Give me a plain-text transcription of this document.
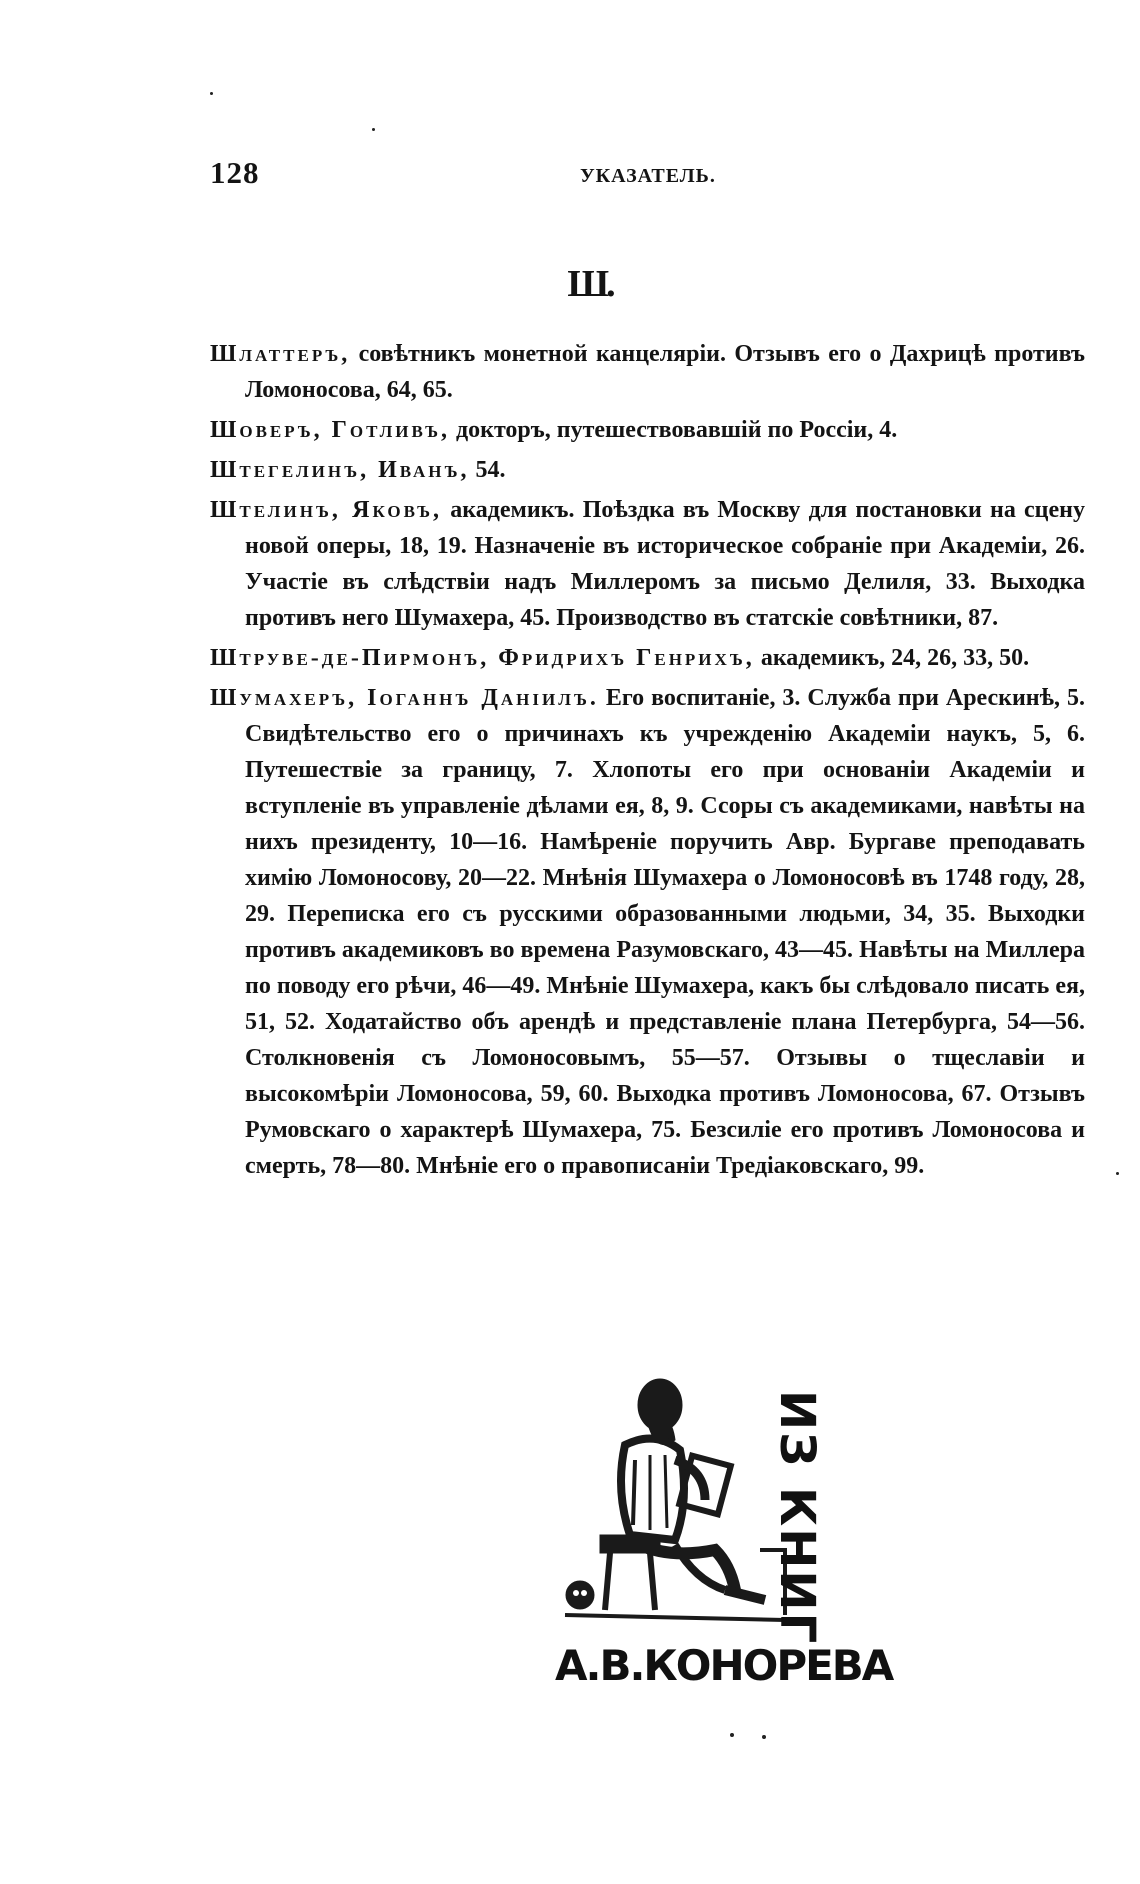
128	УКАЗАТЕЛЬ.
Ш.

Шлаттеръ, совѣтникъ монетной канцеляріи. Отзывъ его о Дахрицѣ противъ Ломоносова, 64, 65.

Шоверъ, Готливъ, докторъ, путешествовавшій по Россіи, 4.

Штегелинъ, Иванъ, 54.

Штелинъ, Яковъ, академикъ. Поѣздка въ Москву для постановки на сцену новой оперы, 18, 19. Назначеніе въ историческое собраніе при Академіи, 26. Участіе въ слѣдствіи надъ Миллеромъ за письмо Делиля, 33. Выходка противъ него Шумахера, 45. Производство въ статскіе совѣтники, 87.

Штрувe-де-Пирмонъ, Фридрихъ Генрихъ, академикъ, 24, 26, 33, 50.

Шумахеръ, Іоганнъ Даніилъ. Его воспитаніе, 3. Служба при Арескинѣ, 5. Свидѣтельство его о причинахъ къ учрежденію Академіи наукъ, 5, 6. Путешествіе за границу, 7. Хлопоты его при основаніи Академіи и вступленіе въ управленіе дѣлами ея, 8, 9. Ссоры съ академиками, навѣты на нихъ президенту, 10—16. Намѣреніе поручить Авр. Бургаве преподавать химію Ломоносову, 20—22. Мнѣнія Шумахера о Ломоносовѣ въ 1748 году, 28, 29. Переписка его съ русскими образованными людьми, 34, 35. Выходки противъ академиковъ во времена Разумовскаго, 43—45. Навѣты на Миллера по поводу его рѣчи, 46—49. Мнѣніе Шумахера, какъ бы слѣдовало писать ея, 51, 52. Ходатайство объ арендѣ и представленіе плана Петербурга, 54—56. Столкновенія съ Ломоносовымъ, 55—57. Отзывы о тщеславіи и высокомѣріи Ломоносова, 59, 60. Выходка противъ Ломоносова, 67. Отзывъ Румовскаго о характерѣ Шумахера, 75. Безсиліе его противъ Ломоносова и смерть, 78—80. Мнѣніе его о правописаніи Тредіаковскаго, 99.

ИЗ КНИГ
А.В.КОНОРЕВА
